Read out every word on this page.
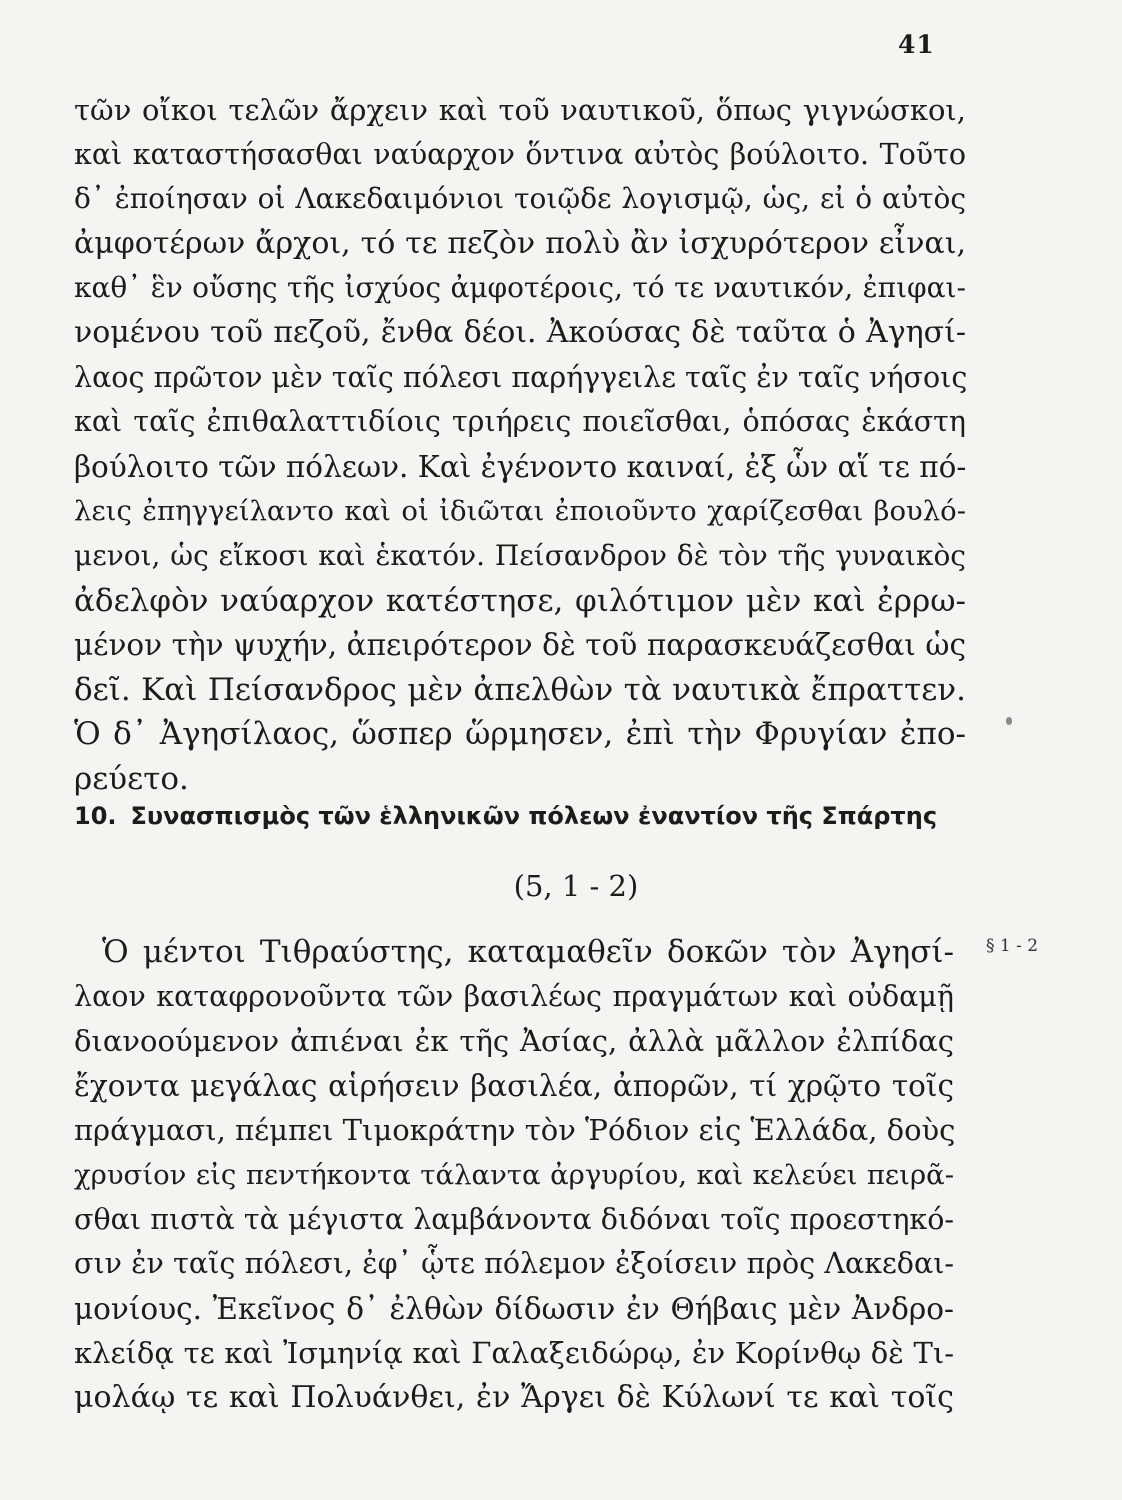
41
τῶν οἴκοι τελῶν ἄρχειν καὶ τοῦ ναυτικοῦ, ὅπως γιγνώσκοι,
καὶ καταστήσασθαι ναύαρχον ὅντινα αὐτὸς βούλοιτο. Τοῦτο
δ᾽ ἐποίησαν οἱ Λακεδαιμόνιοι τοιῷδε λογισμῷ, ὡς, εἰ ὁ αὐτὸς
ἀμφοτέρων ἄρχοι, τό τε πεζὸν πολὺ ἂν ἰσχυρότερον εἶναι,
καθ᾽ ἓν οὔσης τῆς ἰσχύος ἀμφοτέροις, τό τε ναυτικόν, ἐπιφαι-
νομένου τοῦ πεζοῦ, ἔνθα δέοι. Ἀκούσας δὲ ταῦτα ὁ Ἀγησί-
λαος πρῶτον μὲν ταῖς πόλεσι παρήγγειλε ταῖς ἐν ταῖς νήσοις
καὶ ταῖς ἐπιθαλαττιδίοις τριήρεις ποιεῖσθαι, ὁπόσας ἑκάστη
βούλοιτο τῶν πόλεων. Καὶ ἐγένοντο καιναί, ἐξ ὧν αἵ τε πό-
λεις ἐπηγγείλαντο καὶ οἱ ἰδιῶται ἐποιοῦντο χαρίζεσθαι βουλό-
μενοι, ὡς εἴκοσι καὶ ἑκατόν. Πείσανδρον δὲ τὸν τῆς γυναικὸς
ἀδελφὸν ναύαρχον κατέστησε, φιλότιμον μὲν καὶ ἐρρω-
μένον τὴν ψυχήν, ἀπειρότερον δὲ τοῦ παρασκευάζεσθαι ὡς
δεῖ. Καὶ Πείσανδρος μὲν ἀπελθὼν τὰ ναυτικὰ ἔπραττεν.
Ὁ δ᾽ Ἀγησίλαος, ὥσπερ ὥρμησεν, ἐπὶ τὴν Φρυγίαν ἐπο-
ρεύετο.
10. Συνασπισμὸς τῶν ἑλληνικῶν πόλεων ἐναντίον τῆς Σπάρτης
(5, 1 - 2)
§ 1 - 2
Ὁ μέντοι Τιθραύστης, καταμαθεῖν δοκῶν τὸν Ἀγησί-
λαον καταφρονοῦντα τῶν βασιλέως πραγμάτων καὶ οὐδαμῇ
διανοούμενον ἀπιέναι ἐκ τῆς Ἀσίας, ἀλλὰ μᾶλλον ἐλπίδας
ἔχοντα μεγάλας αἱρήσειν βασιλέα, ἀπορῶν, τί χρῷτο τοῖς
πράγμασι, πέμπει Τιμοκράτην τὸν Ῥόδιον εἰς Ἑλλάδα, δοὺς
χρυσίον εἰς πεντήκοντα τάλαντα ἀργυρίου, καὶ κελεύει πειρᾶ-
σθαι πιστὰ τὰ μέγιστα λαμβάνοντα διδόναι τοῖς προεστηκό-
σιν ἐν ταῖς πόλεσι, ἐφ᾽ ᾧτε πόλεμον ἐξοίσειν πρὸς Λακεδαι-
μονίους. Ἐκεῖνος δ᾽ ἐλθὼν δίδωσιν ἐν Θήβαις μὲν Ἀνδρο-
κλείδᾳ τε καὶ Ἰσμηνίᾳ καὶ Γαλαξειδώρῳ, ἐν Κορίνθῳ δὲ Τι-
μολάῳ τε καὶ Πολυάνθει, ἐν Ἄργει δὲ Κύλωνί τε καὶ τοῖς
